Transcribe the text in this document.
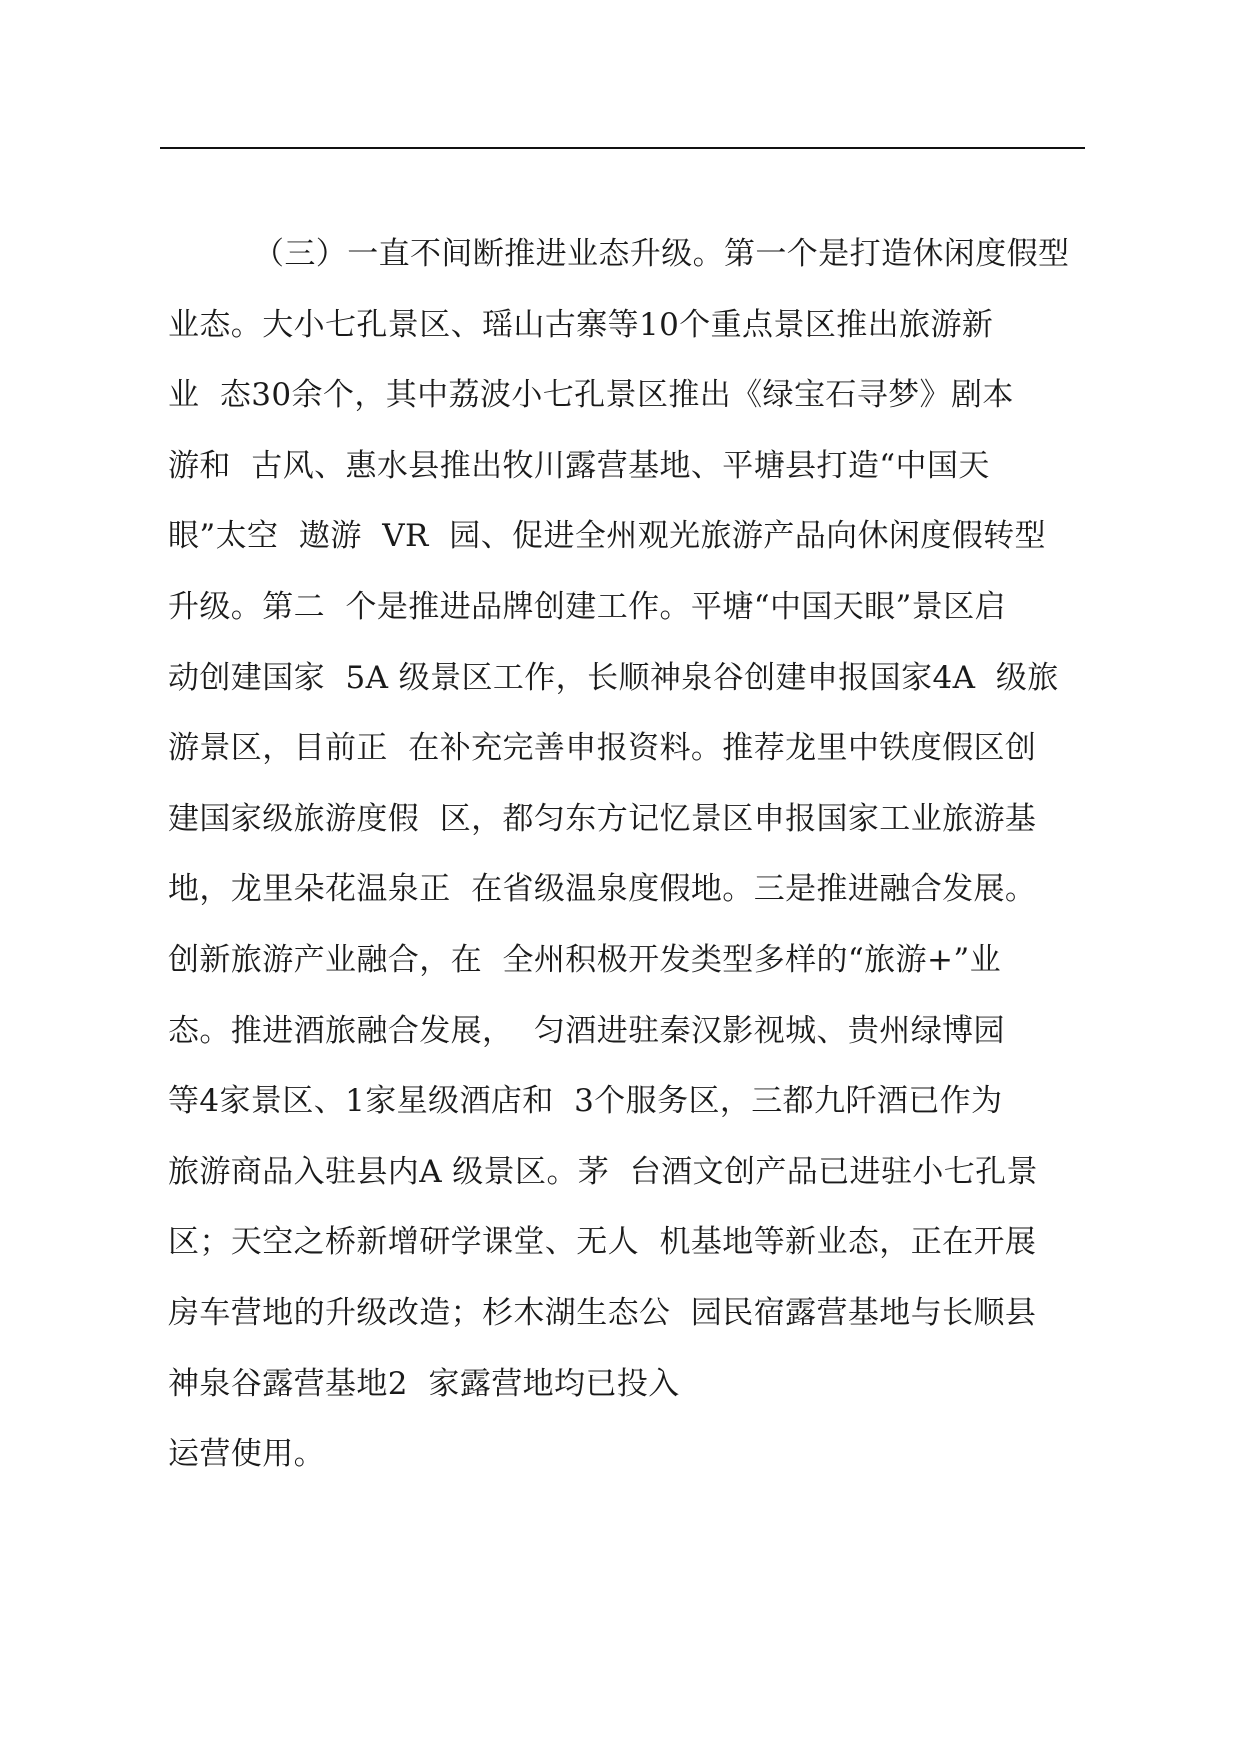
（三）一直不间断推进业态升级。第一个是打造休闲度假型
业态。大小七孔景区、瑶山古寨等10个重点景区推出旅游新
业  态30余个，其中荔波小七孔景区推出《绿宝石寻梦》剧本
游和  古风、惠水县推出牧川露营基地、平塘县打造“中国天
眼”太空  遨游  VR  园、促进全州观光旅游产品向休闲度假转型
升级。第二  个是推进品牌创建工作。平塘“中国天眼”景区启
动创建国家  5A 级景区工作，长顺神泉谷创建申报国家4A  级旅
游景区，目前正  在补充完善申报资料。推荐龙里中铁度假区创
建国家级旅游度假  区，都匀东方记忆景区申报国家工业旅游基
地，龙里朵花温泉正  在省级温泉度假地。三是推进融合发展。
创新旅游产业融合，在  全州积极开发类型多样的“旅游+”业
态。推进酒旅融合发展，  匀酒进驻秦汉影视城、贵州绿博园
等4家景区、1家星级酒店和  3个服务区，三都九阡酒已作为
旅游商品入驻县内A 级景区。茅  台酒文创产品已进驻小七孔景
区；天空之桥新增研学课堂、无人  机基地等新业态，正在开展
房车营地的升级改造；杉木湖生态公  园民宿露营基地与长顺县
神泉谷露营基地2  家露营地均已投入
运营使用。
